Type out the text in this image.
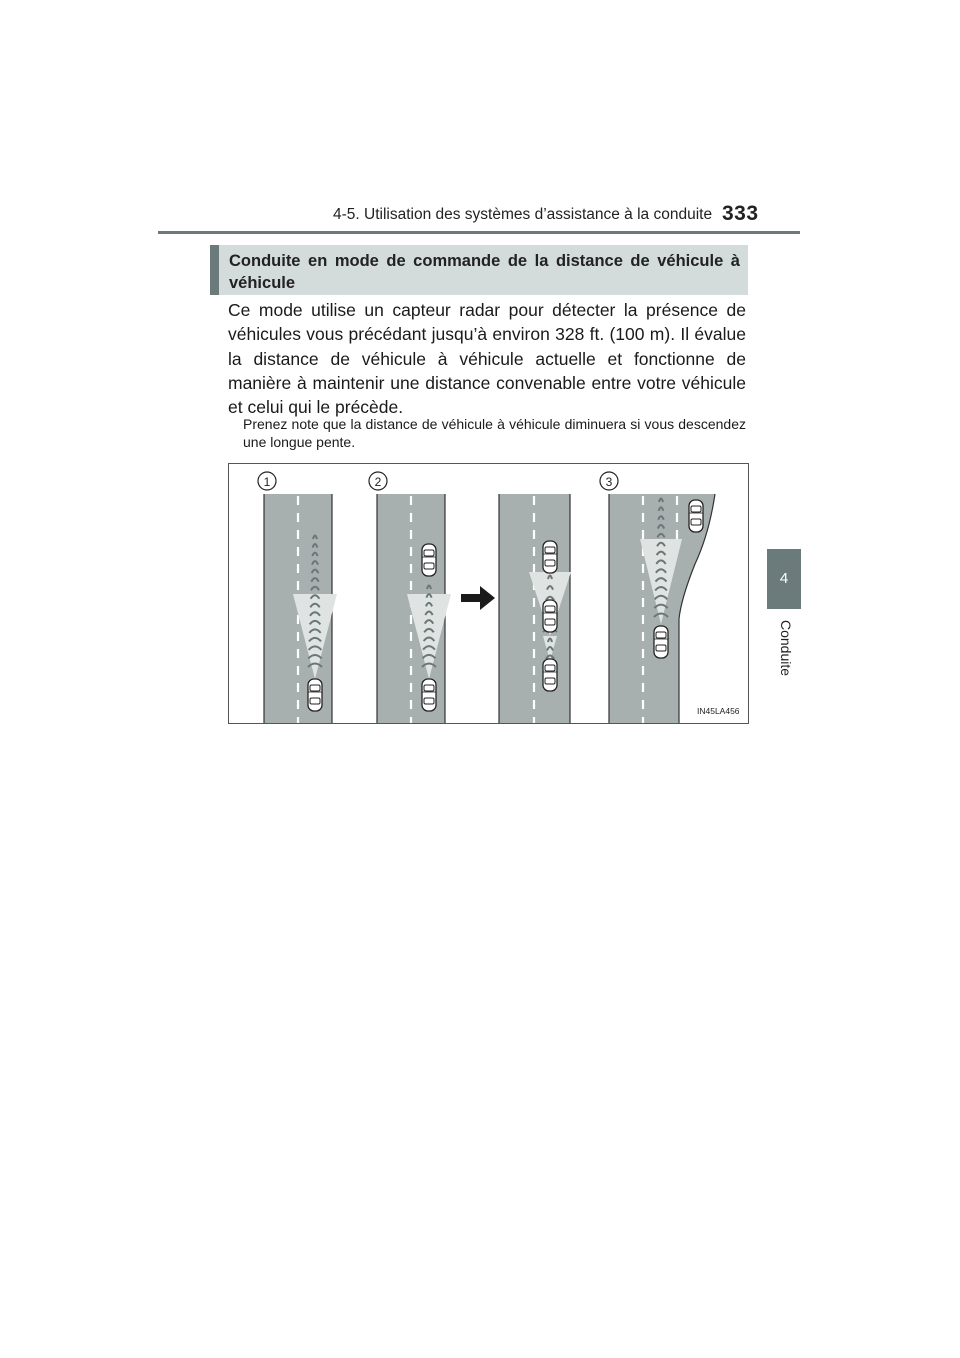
4-5. Utilisation des systèmes d’assistance à la conduite 333
4
Conduite
Conduite en mode de commande de la distance de véhicule à véhicule
Ce mode utilise un capteur radar pour détecter la présence de véhicules vous précédant jusqu’à environ 328 ft. (100 m). Il évalue la distance de véhicule à véhicule actuelle et fonctionne de manière à maintenir une distance convenable entre votre véhicule et celui qui le précède.
Prenez note que la distance de véhicule à véhicule diminuera si vous descendez une longue pente.
1	2	3
IN45LA456
